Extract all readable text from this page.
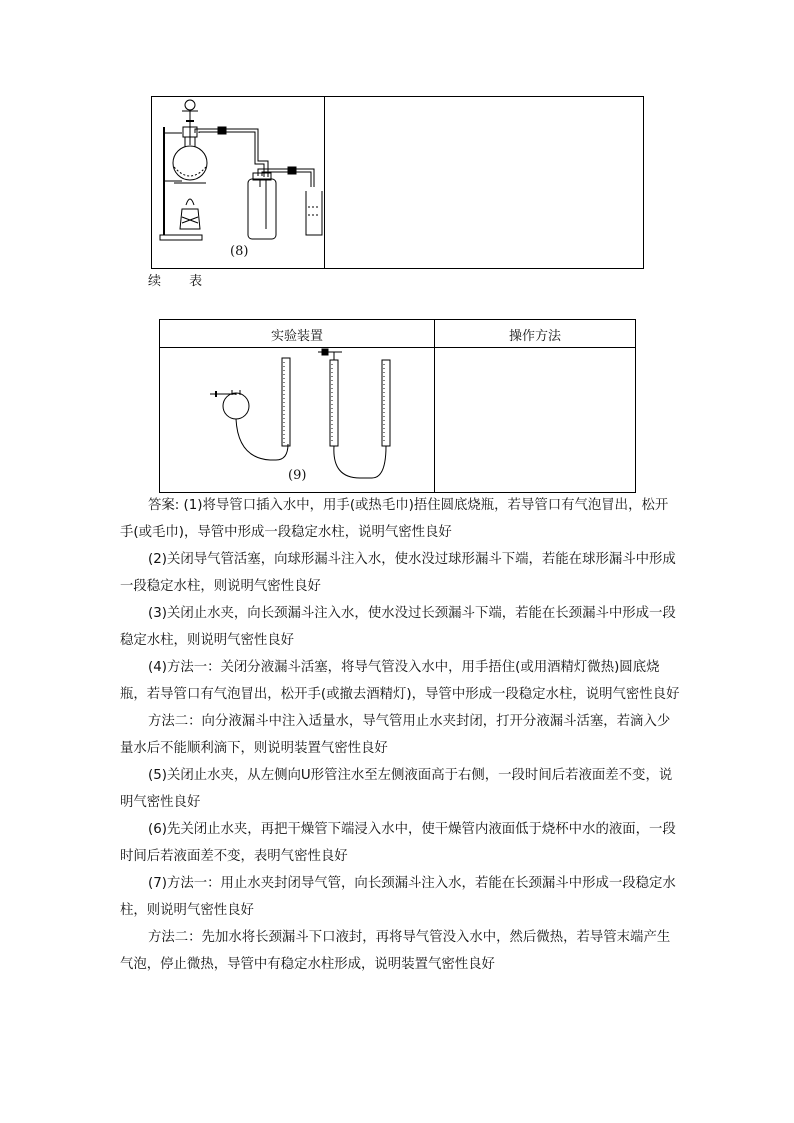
(8)
续 表
实验装置	操作方法
(9)

答案: (1)将导管口插入水中，用手(或热毛巾)捂住圆底烧瓶，若导管口有气泡冒出，松开手(或毛巾)，导管中形成一段稳定水柱，说明气密性良好

(2)关闭导气管活塞，向球形漏斗注入水，使水没过球形漏斗下端，若能在球形漏斗中形成一段稳定水柱，则说明气密性良好

(3)关闭止水夹，向长颈漏斗注入水，使水没过长颈漏斗下端，若能在长颈漏斗中形成一段稳定水柱，则说明气密性良好

(4)方法一：关闭分液漏斗活塞，将导气管没入水中，用手捂住(或用酒精灯微热)圆底烧瓶，若导管口有气泡冒出，松开手(或撤去酒精灯)，导管中形成一段稳定水柱，说明气密性良好

方法二：向分液漏斗中注入适量水，导气管用止水夹封闭，打开分液漏斗活塞，若滴入少量水后不能顺利滴下，则说明装置气密性良好

(5)关闭止水夹，从左侧向U形管注水至左侧液面高于右侧，一段时间后若液面差不变，说明气密性良好

(6)先关闭止水夹，再把干燥管下端浸入水中，使干燥管内液面低于烧杯中水的液面，一段时间后若液面差不变，表明气密性良好

(7)方法一：用止水夹封闭导气管，向长颈漏斗注入水，若能在长颈漏斗中形成一段稳定水柱，则说明气密性良好

方法二：先加水将长颈漏斗下口液封，再将导气管没入水中，然后微热，若导管末端产生气泡，停止微热，导管中有稳定水柱形成，说明装置气密性良好
